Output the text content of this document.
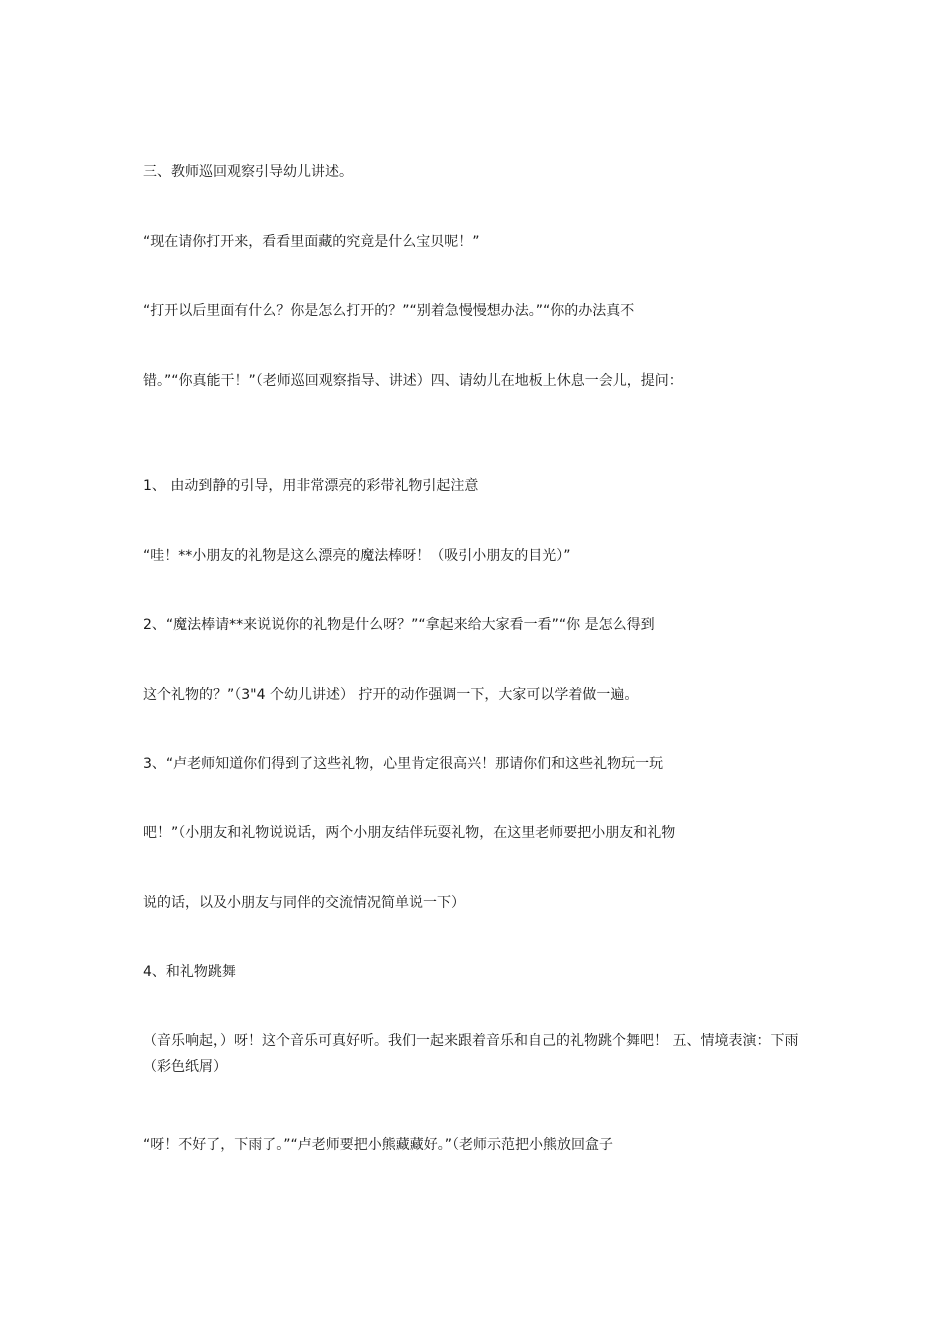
三、教师巡回观察引导幼儿讲述。
“现在请你打开来，看看里面藏的究竟是什么宝贝呢！”
“打开以后里面有什么？你是怎么打开的？”“别着急慢慢想办法。”“你的办法真不
错。”“你真能干！”（老师巡回观察指导、讲述）四、请幼儿在地板上休息一会儿，提问：
1、 由动到静的引导，用非常漂亮的彩带礼物引起注意
“哇！**小朋友的礼物是这么漂亮的魔法棒呀！（吸引小朋友的目光）”
2、“魔法棒请**来说说你的礼物是什么呀？”“拿起来给大家看一看”“你 是怎么得到
这个礼物的？”（3"4 个幼儿讲述） 拧开的动作强调一下，大家可以学着做一遍。
3、“卢老师知道你们得到了这些礼物，心里肯定很高兴！那请你们和这些礼物玩一玩
吧！”（小朋友和礼物说说话，两个小朋友结伴玩耍礼物，在这里老师要把小朋友和礼物
说的话，以及小朋友与同伴的交流情况简单说一下）
4、和礼物跳舞
（音乐响起，）呀！这个音乐可真好听。我们一起来跟着音乐和自己的礼物跳个舞吧！ 五、情境表演：下雨（彩色纸屑）
“呀！不好了，下雨了。”“卢老师要把小熊藏藏好。”（老师示范把小熊放回盒子
